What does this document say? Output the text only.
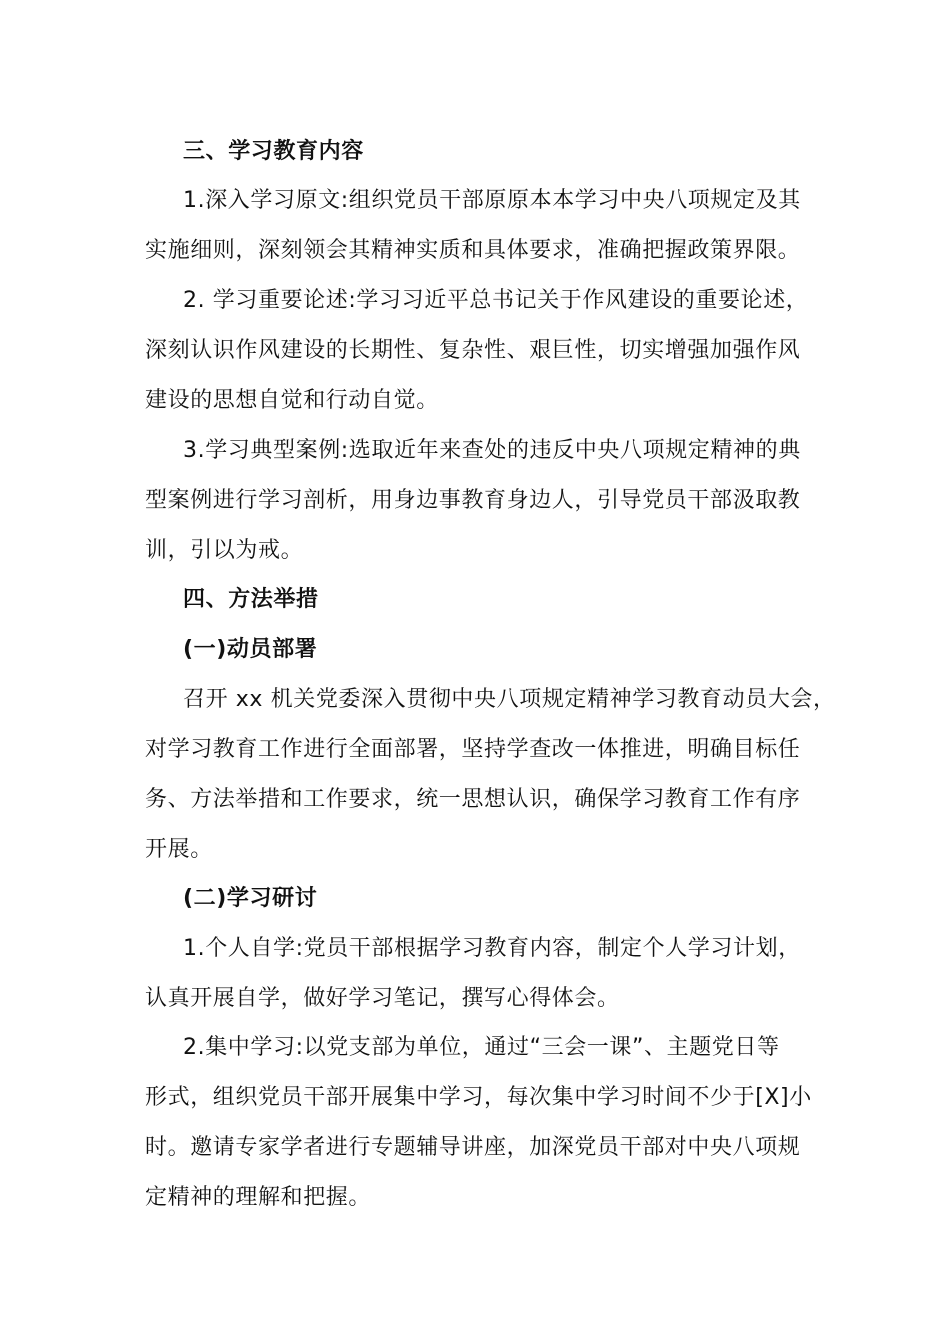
三、学习教育内容
1.深入学习原文:组织党员干部原原本本学习中央八项规定及其
实施细则，深刻领会其精神实质和具体要求，准确把握政策界限。
2. 学习重要论述:学习习近平总书记关于作风建设的重要论述，
深刻认识作风建设的长期性、复杂性、艰巨性，切实增强加强作风
建设的思想自觉和行动自觉。
3.学习典型案例:选取近年来查处的违反中央八项规定精神的典
型案例进行学习剖析，用身边事教育身边人，引导党员干部汲取教
训，引以为戒。
四、方法举措
(一)动员部署
召开 xx 机关党委深入贯彻中央八项规定精神学习教育动员大会，
对学习教育工作进行全面部署，坚持学查改一体推进，明确目标任
务、方法举措和工作要求，统一思想认识，确保学习教育工作有序
开展。
(二)学习研讨
1.个人自学:党员干部根据学习教育内容，制定个人学习计划，
认真开展自学，做好学习笔记，撰写心得体会。
2.集中学习:以党支部为单位，通过“三会一课”、主题党日等
形式，组织党员干部开展集中学习，每次集中学习时间不少于[X]小
时。邀请专家学者进行专题辅导讲座，加深党员干部对中央八项规
定精神的理解和把握。
